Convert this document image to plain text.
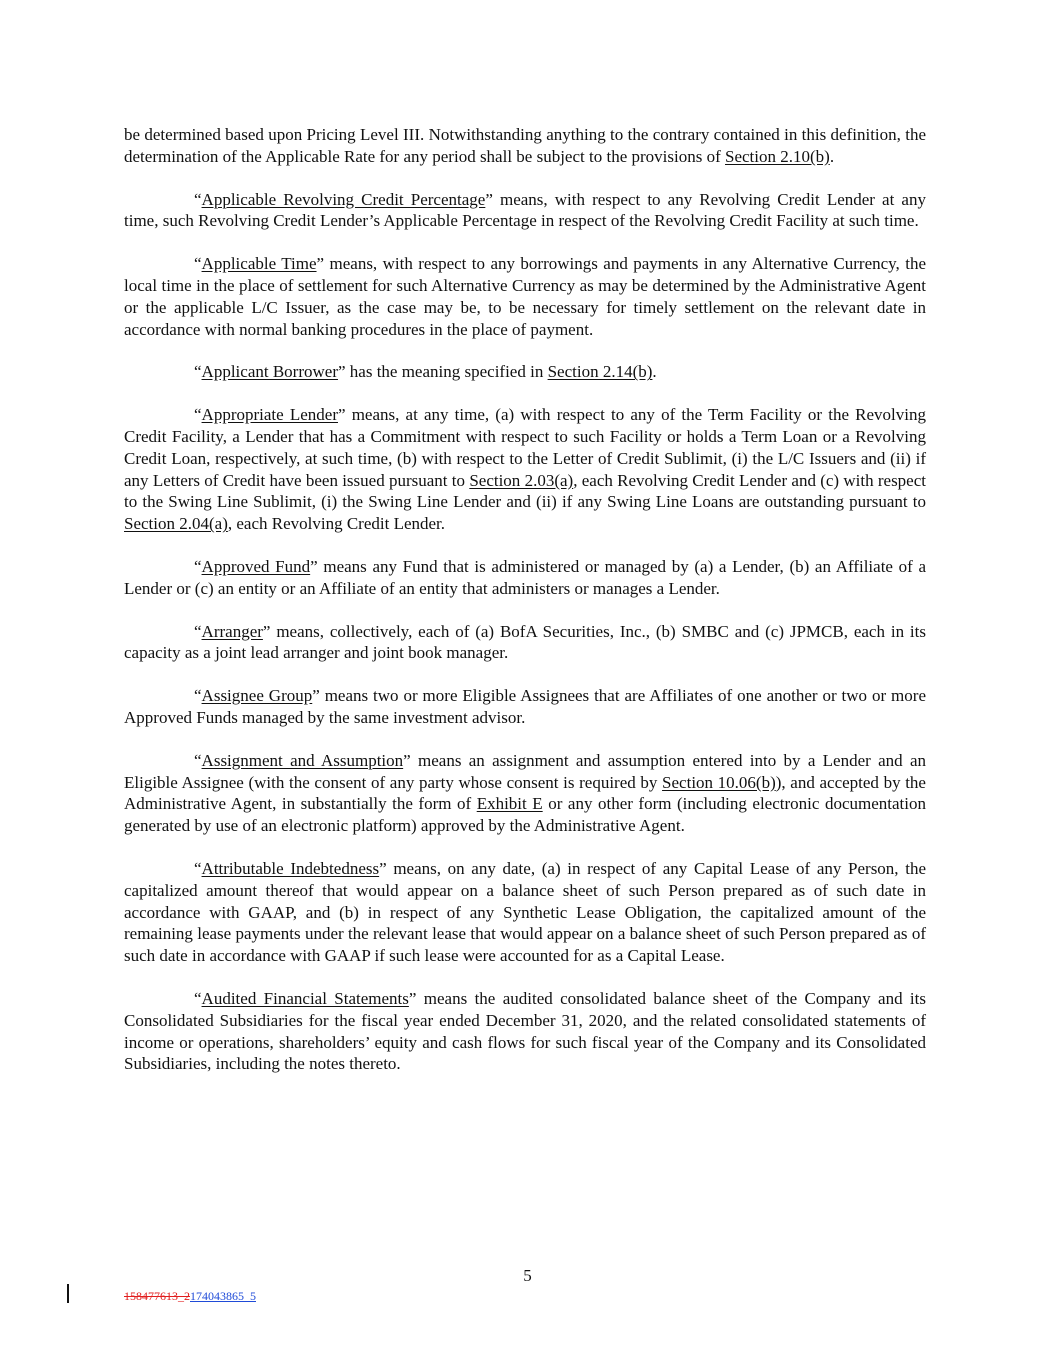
be determined based upon Pricing Level III. Notwithstanding anything to the contrary contained in this definition, the determination of the Applicable Rate for any period shall be subject to the provisions of Section 2.10(b).

“Applicable Revolving Credit Percentage” means, with respect to any Revolving Credit Lender at any time, such Revolving Credit Lender’s Applicable Percentage in respect of the Revolving Credit Facility at such time.

“Applicable Time” means, with respect to any borrowings and payments in any Alternative Currency, the local time in the place of settlement for such Alternative Currency as may be determined by the Administrative Agent or the applicable L/C Issuer, as the case may be, to be necessary for timely settlement on the relevant date in accordance with normal banking procedures in the place of payment.

“Applicant Borrower” has the meaning specified in Section 2.14(b).

“Appropriate Lender” means, at any time, (a) with respect to any of the Term Facility or the Revolving Credit Facility, a Lender that has a Commitment with respect to such Facility or holds a Term Loan or a Revolving Credit Loan, respectively, at such time, (b) with respect to the Letter of Credit Sublimit, (i) the L/C Issuers and (ii) if any Letters of Credit have been issued pursuant to Section 2.03(a), each Revolving Credit Lender and (c) with respect to the Swing Line Sublimit, (i) the Swing Line Lender and (ii) if any Swing Line Loans are outstanding pursuant to Section 2.04(a), each Revolving Credit Lender.

“Approved Fund” means any Fund that is administered or managed by (a) a Lender, (b) an Affiliate of a Lender or (c) an entity or an Affiliate of an entity that administers or manages a Lender.

“Arranger” means, collectively, each of (a) BofA Securities, Inc., (b) SMBC and (c) JPMCB, each in its capacity as a joint lead arranger and joint book manager.

“Assignee Group” means two or more Eligible Assignees that are Affiliates of one another or two or more Approved Funds managed by the same investment advisor.

“Assignment and Assumption” means an assignment and assumption entered into by a Lender and an Eligible Assignee (with the consent of any party whose consent is required by Section 10.06(b)), and accepted by the Administrative Agent, in substantially the form of Exhibit E or any other form (including electronic documentation generated by use of an electronic platform) approved by the Administrative Agent.

“Attributable Indebtedness” means, on any date, (a) in respect of any Capital Lease of any Person, the capitalized amount thereof that would appear on a balance sheet of such Person prepared as of such date in accordance with GAAP, and (b) in respect of any Synthetic Lease Obligation, the capitalized amount of the remaining lease payments under the relevant lease that would appear on a balance sheet of such Person prepared as of such date in accordance with GAAP if such lease were accounted for as a Capital Lease.

“Audited Financial Statements” means the audited consolidated balance sheet of the Company and its Consolidated Subsidiaries for the fiscal year ended December 31, 2020, and the related consolidated statements of income or operations, shareholders’ equity and cash flows for such fiscal year of the Company and its Consolidated Subsidiaries, including the notes thereto.

5
158477613_2174043865_5
